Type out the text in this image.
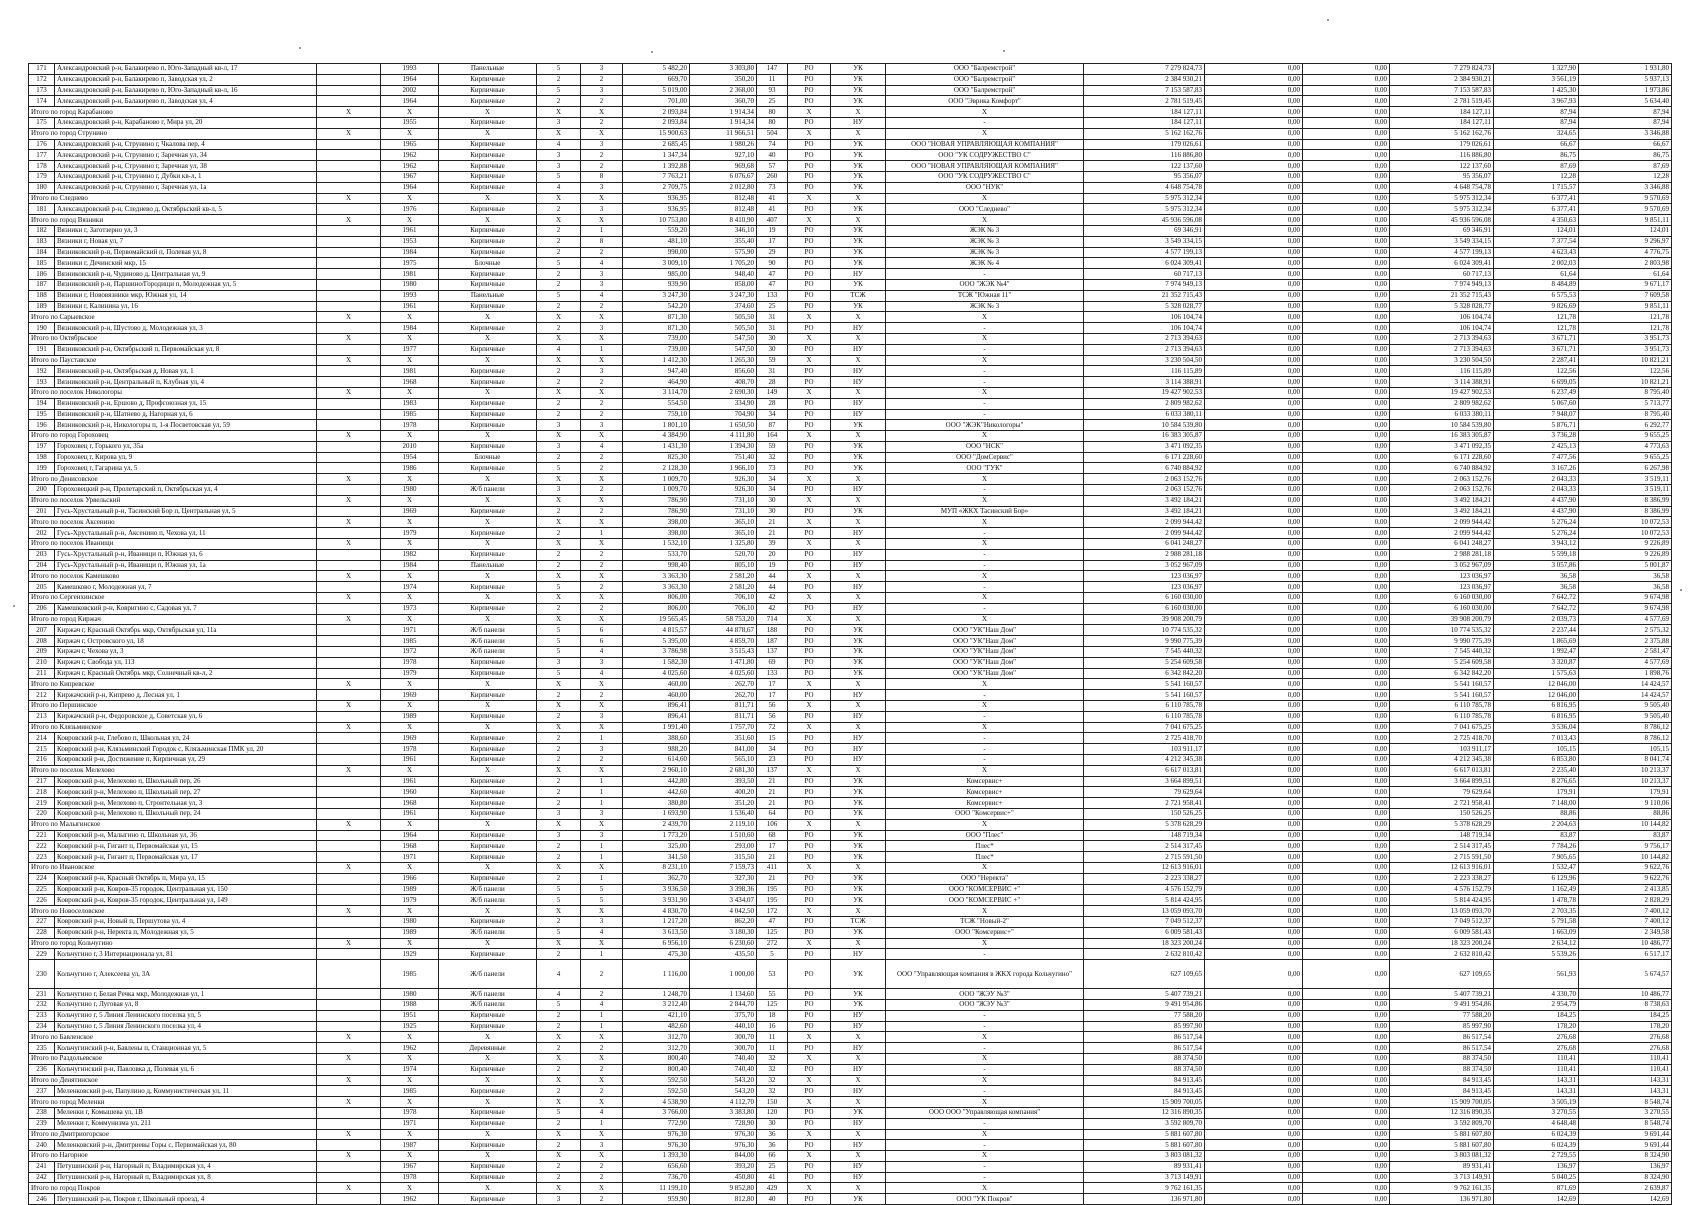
171	Александровский р-н, Балакирево п, Юго-Западный кв-л, 17		1993	Панельные	5	3	5 482,20	3 303,80	147	РО	УК	ООО "Балремстрой"	7 279 824,73	0,00	0,00	7 279 824,73	1 327,90	1 931,80
172	Александровский р-н, Балакирево п, Заводская ул, 2		1964	Кирпичные	2	2	669,70	350,20	11	РО	УК	ООО "Балремстрой"	2 384 930,21	0,00	0,00	2 384 930,21	3 561,19	5 937,13
173	Александровский р-н, Балакирево п, Юго-Западный кв-л, 16		2002	Кирпичные	5	3	5 019,00	2 368,00	93	РО	УК	ООО "Балремстрой"	7 153 587,83	0,00	0,00	7 153 587,83	1 425,30	1 973,86
174	Александровский р-н, Балакирево п, Заводская ул, 4		1964	Кирпичные	2	2	701,00	360,70	25	РО	УК	ООО "Эврика Комфорт"	2 781 519,45	0,00	0,00	2 781 519,45	3 967,93	5 634,40
Итого по город Карабаново		X	X	X	X	X	2 093,84	1 914,34	80	X	X	X	184 127,11	0,00	0,00	184 127,11	87,94	87,94
175	Александровский р-н, Карабаново г, Мира ул, 20		1955	Кирпичные	3	2	2 093,84	1 914,34	80	РО	НУ	-	184 127,11	0,00	0,00	184 127,11	87,94	87,94
Итого по город Струнино		X	X	X	X	X	15 900,63	11 966,51	504	X	X	X	5 162 162,76	0,00	0,00	5 162 162,76	324,65	3 346,88
176	Александровский р-н, Струнино г, Чкалова пер, 4		1965	Кирпичные	4	3	2 685,45	1 980,26	74	РО	УК	ООО "НОВАЯ УПРАВЛЯЮЩАЯ КОМПАНИЯ"	179 026,61	0,00	0,00	179 026,61	66,67	66,67
177	Александровский р-н, Струнино г, Заречная ул, 34		1962	Кирпичные	3	2	1 347,34	927,10	40	РО	УК	ООО "УК СОДРУЖЕСТВО С"	116 886,80	0,00	0,00	116 886,80	86,75	86,75
178	Александровский р-н, Струнино г, Заречная ул, 38		1962	Кирпичные	3	2	1 392,88	969,68	57	РО	УК	ООО "НОВАЯ УПРАВЛЯЮЩАЯ КОМПАНИЯ"	122 137,60	0,00	0,00	122 137,60	87,69	87,69
179	Александровский р-н, Струнино г, Дубки кв-л, 1		1967	Кирпичные	5	8	7 763,21	6 076,67	260	РО	УК	ООО "УК СОДРУЖЕСТВО С"	95 356,07	0,00	0,00	95 356,07	12,28	12,28
180	Александровский р-н, Струнино г, Заречная ул, 1а		1964	Кирпичные	4	3	2 709,75	2 012,80	73	РО	УК	ООО "НУК"	4 648 754,78	0,00	0,00	4 648 754,78	1 715,57	3 346,88
Итого по Следнево		X	X	X	X	X	936,95	812,48	41	X	X	X	5 975 312,34	0,00	0,00	5 975 312,34	6 377,41	9 570,69
181	Александровский р-н, Следнево д, Октябрьский кв-л, 5		1976	Кирпичные	2	3	936,95	812,48	41	РО	УК	ООО "Следнево"	5 975 312,34	0,00	0,00	5 975 312,34	6 377,41	9 570,69
Итого по город Вязники		X	X	X	X	X	10 753,80	8 410,90	407	X	X	X	45 936 596,08	0,00	0,00	45 936 596,08	4 350,63	9 851,11
182	Вязники г, Заготзерно ул, 3		1961	Кирпичные	2	1	559,20	346,10	19	РО	УК	ЖЭК № 3	69 346,91	0,00	0,00	69 346,91	124,01	124,01
183	Вязники г, Новая ул, 7		1953	Кирпичные	2	8	481,10	355,40	17	РО	УК	ЖЭК № 3	3 549 334,15	0,00	0,00	3 549 334,15	7 377,54	9 296,97
184	Вязниковский р-н, Первомайский п, Полевая ул, 8		1984	Кирпичные	2	2	990,00	575,90	29	РО	УК	ЖЭК № 3	4 577 199,13	0,00	0,00	4 577 199,13	4 623,43	4 776,75
185	Вязники г, Дечинский мкр, 15		1975	Блочные	5	4	3 009,10	1 705,20	90	РО	УК	ЖЭК № 4	6 024 309,41	0,00	0,00	6 024 309,41	2 002,03	2 803,98
186	Вязниковский р-н, Чудиново д, Центральная ул, 9		1981	Кирпичные	2	3	985,00	948,40	47	РО	НУ	-	60 717,13	0,00	0,00	60 717,13	61,64	61,64
187	Вязниковский р-н, Паршино/Городищи п, Молодежная ул, 5		1980	Кирпичные	2	3	939,90	858,00	47	РО	УК	ООО "ЖЭК №4"	7 974 949,13	0,00	0,00	7 974 949,13	8 484,89	9 671,17
188	Вязники г, Нововязники мкр, Южная ул, 14		1993	Панельные	5	4	3 247,30	3 247,30	133	РО	ТСЖ	ТСЖ "Южная 11"	21 352 715,43	0,00	0,00	21 352 715,43	6 575,53	7 609,58
189	Вязники г, Калинина ул, 16		1961	Кирпичные	2	2	542,20	374,60	25	РО	УК	ЖЭК № 3	5 328 028,77	0,00	0,00	5 328 028,77	9 826,69	9 851,11
Итого по Сарыевское		X	X	X	X	X	871,30	505,50	31	X	X	X	106 104,74	0,00	0,00	106 104,74	121,78	121,78
190	Вязниковский р-н, Шустово д, Молодежная ул, 3		1984	Кирпичные	2	3	871,30	505,50	31	РО	НУ	-	106 104,74	0,00	0,00	106 104,74	121,78	121,78
Итого по Октябрьское		X	X	X	X	X	739,00	547,50	30	X	X	X	2 713 394,63	0,00	0,00	2 713 394,63	3 671,71	3 951,73
191	Вязниковский р-н, Октябрьский п, Первомайская ул, 8		1977	Кирпичные	4	1	739,00	547,50	30	РО	НУ	-	2 713 394,63	0,00	0,00	2 713 394,63	3 671,71	3 951,73
Итого по Пауставское		X	X	X	X	X	1 412,30	1 265,30	59	X	X	X	3 230 504,50	0,00	0,00	3 230 504,50	2 287,41	10 821,21
192	Вязниковский р-н, Октябрьская д, Новая ул, 1		1981	Кирпичные	2	3	947,40	856,60	31	РО	НУ	-	116 115,89	0,00	0,00	116 115,89	122,56	122,56
193	Вязниковский р-н, Центральный п, Клубная ул, 4		1968	Кирпичные	2	2	464,90	408,70	28	РО	НУ	-	3 114 388,91	0,00	0,00	3 114 388,91	6 699,05	10 821,21
Итого по поселок Никологоры		X	X	X	X	X	3 114,70	2 690,30	149	X	X	X	19 427 902,53	0,00	0,00	19 427 902,53	6 237,49	8 795,40
194	Вязниковский р-н, Ершово д, Профсоюзная ул, 15		1983	Кирпичные	2	2	554,50	334,90	28	РО	НУ	-	2 809 982,62	0,00	0,00	2 809 982,62	5 067,60	5 713,77
195	Вязниковский р-н, Шатнево д, Нагорная ул, 6		1985	Кирпичные	2	2	759,10	704,90	34	РО	НУ	-	6 033 380,11	0,00	0,00	6 033 380,11	7 948,07	8 795,40
196	Вязниковский р-н, Никологоры п, 1-я Посветовская ул, 59		1978	Кирпичные	3	3	1 801,10	1 650,50	87	РО	УК	ООО "ЖЭК"Никологоры"	10 584 539,80	0,00	0,00	10 584 539,80	5 876,71	6 292,77
Итого по город Гороховец		X	X	X	X	X	4 384,90	4 111,80	164	X	X	X	16 383 305,87	0,00	0,00	16 383 305,87	3 736,28	9 655,25
197	Гороховец г, Горького ул, 35а		2010	Кирпичные	3	4	1 431,30	1 394,30	59	РО	УК	ООО "НСК"	3 471 092,35	0,00	0,00	3 471 092,35	2 425,13	4 773,63
198	Гороховец г, Кирова ул, 9		1954	Блочные	2	2	825,30	751,40	32	РО	УК	ООО "ДомСервис"	6 171 228,60	0,00	0,00	6 171 228,60	7 477,56	9 655,25
199	Гороховец г, Гагарина ул, 5		1986	Кирпичные	5	2	2 128,30	1 966,10	73	РО	УК	ООО "ГУК"	6 740 884,92	0,00	0,00	6 740 884,92	3 167,26	6 267,98
Итого по Денисовское		X	X	X	X	X	1 009,70	926,30	34	X	X	X	2 063 152,76	0,00	0,00	2 063 152,76	2 043,33	3 519,11
200	Гороховецкий р-н, Пролетарский п, Октябрьская ул, 4		1980	Ж/б панели	3	2	1 009,70	926,30	34	РО	НУ	-	2 063 152,76	0,00	0,00	2 063 152,76	2 043,33	3 519,11
Итого по поселок Урвельский		X	X	X	X	X	786,90	731,10	30	X	X	X	3 492 184,21	0,00	0,00	3 492 184,21	4 437,90	8 386,99
201	Гусь-Хрустальный р-н, Тасинский Бор п, Центральная ул, 5		1969	Кирпичные	2	2	786,90	731,10	30	РО	УК	МУП «ЖКХ Тасинский Бор»	3 492 184,21	0,00	0,00	3 492 184,21	4 437,90	8 386,99
Итого по поселок Аксенино		X	X	X	X	X	398,00	365,10	21	X	X	X	2 099 944,42	0,00	0,00	2 099 944,42	5 276,24	10 072,53
202	Гусь-Хрустальный р-н, Аксенино п, Чехова ул, 11		1979	Кирпичные	2	1	398,00	365,10	21	РО	НУ	-	2 099 944,42	0,00	0,00	2 099 944,42	5 276,24	10 072,53
Итого по поселок Иванищи		X	X	X	X	X	1 532,10	1 325,80	39	X	X	X	6 041 248,27	0,00	0,00	6 041 248,27	3 943,12	9 226,89
203	Гусь-Хрустальный р-н, Иванищи п, Южная ул, 6		1982	Кирпичные	2	2	533,70	520,70	20	РО	НУ	-	2 988 281,18	0,00	0,00	2 988 281,18	5 599,18	9 226,89
204	Гусь-Хрустальный р-н, Иванищи п, Южная ул, 1а		1984	Панельные	2	2	998,40	805,10	19	РО	НУ	-	3 052 967,09	0,00	0,00	3 052 967,09	3 057,86	5 001,87
Итого по поселок Камешково		X	X	X	X	X	3 363,30	2 581,20	44	X	X	X	123 036,97	0,00	0,00	123 036,97	36,58	36,58
205	Камешково г, Молодежная ул, 7		1974	Кирпичные	5	2	3 363,30	2 581,20	44	РО	НУ	-	123 036,97	0,00	0,00	123 036,97	36,58	36,58
Итого по Сергеихинское		X	X	X	X	X	806,00	706,10	42	X	X	X	6 160 030,00	0,00	0,00	6 160 030,00	7 642,72	9 674,98
206	Камешковский р-н, Ковригино с, Садовая ул, 7		1973	Кирпичные	2	2	806,00	706,10	42	РО	НУ	-	6 160 030,00	0,00	0,00	6 160 030,00	7 642,72	9 674,98
Итого по город Киржач		X	X	X	X	X	19 565,45	58 753,20	714	X	X	X	39 908 200,79	0,00	0,00	39 908 200,79	2 039,73	4 577,69
207	Киржач г, Красный Октябрь мкр, Октябрьская ул, 11а		1971	Ж/б панели	5	6	4 815,57	44 878,67	188	РО	УК	ООО "УК"Наш Дом"	10 774 535,32	0,00	0,00	10 774 535,32	2 237,44	2 575,32
208	Киржач г, Островского ул, 18		1985	Ж/б панели	5	6	5 395,00	4 859,70	187	РО	УК	ООО "УК"Наш Дом"	9 990 775,39	0,00	0,00	9 990 775,39	1 865,69	2 375,88
209	Киржач г, Чехова ул, 3		1972	Ж/б панели	5	4	3 786,98	3 515,43	137	РО	УК	ООО "УК"Наш Дом"	7 545 440,32	0,00	0,00	7 545 440,32	1 992,47	2 581,47
210	Киржач г, Свобода ул, 113		1978	Кирпичные	3	3	1 582,30	1 471,80	69	РО	УК	ООО "УК"Наш Дом"	5 254 609,58	0,00	0,00	5 254 609,58	3 320,87	4 577,69
211	Киржач г, Красный Октябрь мкр, Солнечный кв-л, 2		1979	Кирпичные	5	4	4 025,60	4 025,60	133	РО	УК	ООО "УК"Наш Дом"	6 342 842,20	0,00	0,00	6 342 842,20	1 575,63	1 898,76
Итого по Кипревское		X	X	X	X	X	460,00	262,70	17	X	X	X	5 541 160,57	0,00	0,00	5 541 160,57	12 046,00	14 424,57
212	Киржачский р-н, Кипрево д, Лесная ул, 1		1969	Кирпичные	2	2	460,00	262,70	17	РО	НУ	-	5 541 160,57	0,00	0,00	5 541 160,57	12 046,00	14 424,57
Итого по Першинское		X	X	X	X	X	896,41	811,71	56	X	X	X	6 110 785,78	0,00	0,00	6 110 785,78	6 816,95	9 505,40
213	Киржачский р-н, Федоровское д, Советская ул, 6		1989	Кирпичные	2	3	896,41	811,71	56	РО	НУ	-	6 110 785,78	0,00	0,00	6 110 785,78	6 816,95	9 505,40
Итого по Клязьминское		X	X	X	X	X	1 991,40	1 757,70	72	X	X	X	7 041 675,25	0,00	0,00	7 041 675,25	3 536,04	8 786,12
214	Ковровский р-н, Глебово п, Школьная ул, 24		1969	Кирпичные	2	1	388,60	351,60	15	РО	НУ	-	2 725 418,70	0,00	0,00	2 725 418,70	7 013,43	8 786,12
215	Ковровский р-н, Клязьминский Городок с, Клязьминская ПМК ул, 20		1978	Кирпичные	2	3	988,20	841,00	34	РО	НУ	-	103 911,17	0,00	0,00	103 911,17	105,15	105,15
216	Ковровский р-н, Достижение п, Кирпичная ул, 29		1961	Кирпичные	2	2	614,60	565,10	23	РО	НУ	-	4 212 345,38	0,00	0,00	4 212 345,38	6 853,80	8 041,74
Итого по поселок Мелехово		X	X	X	X	X	2 960,10	2 681,30	137	X	X	X	6 617 013,81	0,00	0,00	6 617 013,81	2 235,40	10 213,37
217	Ковровский р-н, Мелехово п, Школьный пер, 26		1961	Кирпичные	2	1	442,80	393,50	21	РО	УК	Комсервис+	3 664 899,51	0,00	0,00	3 664 899,51	8 276,65	10 213,37
218	Ковровский р-н, Мелехово п, Школьный пер, 27		1960	Кирпичные	2	1	442,60	400,20	21	РО	УК	Комсервис+	79 629,64	0,00	0,00	79 629,64	179,91	179,91
219	Ковровский р-н, Мелехово п, Строительная ул, 3		1968	Кирпичные	2	1	380,80	351,20	21	РО	УК	Комсервис+	2 721 958,41	0,00	0,00	2 721 958,41	7 148,00	9 110,06
220	Ковровский р-н, Мелехово п, Школьный пер, 24		1961	Кирпичные	3	3	1 693,90	1 536,40	64	РО	УК	ООО "Комсервис+"	150 526,25	0,00	0,00	150 526,25	88,86	88,86
Итого по Малыгинское		X	X	X	X	X	2 439,70	2 119,10	106	X	X	X	5 378 628,29	0,00	0,00	5 378 628,29	2 204,63	10 144,82
221	Ковровский р-н, Малыгино п, Школьная ул, 36		1964	Кирпичные	3	3	1 773,20	1 510,60	68	РО	УК	ООО "Плес"	148 719,34	0,00	0,00	148 719,34	83,87	83,87
222	Ковровский р-н, Гигант п, Первомайская ул, 15		1968	Кирпичные	2	1	325,00	293,00	17	РО	УК	Плес*	2 514 317,45	0,00	0,00	2 514 317,45	7 784,26	9 756,17
223	Ковровский р-н, Гигант п, Первомайская ул, 17		1971	Кирпичные	2	1	341,50	315,50	21	РО	УК	Плес*	2 715 591,50	0,00	0,00	2 715 591,50	7 905,65	10 144,82
Итого по Ивановское		X	X	X	X	X	8 231,10	7 159,73	411	X	X	X	12 613 916,01	0,00	0,00	12 613 916,01	1 532,47	9 622,76
224	Ковровский р-н, Красный Октябрь п, Мира ул, 15		1966	Кирпичные	2	1	362,70	327,30	21	РО	УК	ООО "Неректа"	2 223 338,27	0,00	0,00	2 223 338,27	6 129,96	9 622,76
225	Ковровский р-н, Ковров-35 городок, Центральная ул, 150		1989	Ж/б панели	5	5	3 936,50	3 398,36	195	РО	УК	ООО "КОМСЕРВИС +"	4 576 152,79	0,00	0,00	4 576 152,79	1 162,49	2 413,85
226	Ковровский р-н, Ковров-35 городок, Центральная ул, 149		1979	Ж/б панели	5	5	3 931,90	3 434,07	195	РО	УК	ООО "КОМСЕРВИС +"	5 814 424,95	0,00	0,00	5 814 424,95	1 478,78	2 828,29
Итого по Новоселовское		X	X	X	X	X	4 830,70	4 042,50	172	X	X	X	13 059 093,70	0,00	0,00	13 059 093,70	2 703,35	7 400,12
227	Ковровский р-н, Новый п, Першутова ул, 4		1980	Кирпичные	2	3	1 217,20	862,20	47	РО	ТСЖ	ТСЖ "Новый-2"	7 049 512,37	0,00	0,00	7 049 512,37	5 791,58	7 400,12
228	Ковровский р-н, Неректа п, Молодежная ул, 5		1989	Ж/б панели	5	4	3 613,50	3 180,30	125	РО	УК	ООО "Комсервис+"	6 009 581,43	0,00	0,00	6 009 581,43	1 663,09	2 349,58
Итого по город Кольчугино		X	X	X	X	X	6 956,10	6 230,60	272	X	X	X	18 323 200,24	0,00	0,00	18 323 200,24	2 634,12	10 486,77
229	Кольчугино г, 3 Интернационала ул, 81		1929	Кирпичные	2	1	475,30	435,50	5	РО	НУ	-	2 632 810,42	0,00	0,00	2 632 810,42	5 539,26	6 517,17
230	Кольчугино г, Алексеева ул, 3А		1985	Ж/б панели	4	2	1 116,00	1 000,00	53	РО	УК	ООО "Управляющая компания в ЖКХ города Кольчугино"	627 109,65	0,00	0,00	627 109,65	561,93	5 674,57
231	Кольчугино г, Белая Речка мкр, Молодежная ул, 1		1980	Ж/б панели	4	2	1 248,70	1 134,60	55	РО	УК	ООО "ЖЭУ №3"	5 407 739,21	0,00	0,00	5 407 739,21	4 330,70	10 486,77
232	Кольчугино г, Луговая ул, 8		1988	Ж/б панели	5	4	3 212,40	2 844,70	125	РО	УК	ООО "ЖЭУ №3"	9 491 954,86	0,00	0,00	9 491 954,86	2 954,79	8 738,63
233	Кольчугино г, 5 Линия Ленинского поселка ул, 5		1951	Кирпичные	2	1	421,10	375,70	18	РО	НУ	-	77 588,20	0,00	0,00	77 588,20	184,25	184,25
234	Кольчугино г, 5 Линия Ленинского поселка ул, 4		1925	Кирпичные	2	1	482,60	440,10	16	РО	НУ	-	85 997,90	0,00	0,00	85 997,90	178,20	178,20
Итого по Бавленское		X	X	X	X	X	312,70	300,70	11	X	X	X	86 517,54	0,00	0,00	86 517,54	276,68	276,68
235	Кольчугинский р-н, Бавлены п, Станционная ул, 5		1962	Деревянные	2	2	312,70	300,70	11	РО	НУ	-	86 517,54	0,00	0,00	86 517,54	276,68	276,68
Итого по Раздольевское		X	X	X	X	X	800,40	740,40	32	X	X	X	88 374,50	0,00	0,00	88 374,50	110,41	110,41
236	Кольчугинский р-н, Павловка д, Полевая ул, 6		1974	Кирпичные	2	2	800,40	740,40	32	РО	НУ	-	88 374,50	0,00	0,00	88 374,50	110,41	110,41
Итого по Денятинское		X	X	X	X	X	592,50	543,20	32	X	X	X	84 913,45	0,00	0,00	84 913,45	143,31	143,31
237	Меленковский р-н, Папулино д, Коммунистическая ул, 11		1985	Кирпичные	2	2	592,50	543,20	32	РО	НУ	-	84 913,45	0,00	0,00	84 913,45	143,31	143,31
Итого по город Меленки		X	X	X	X	X	4 538,90	4 112,70	150	X	X	X	15 909 700,05	0,00	0,00	15 909 700,05	3 505,19	8 548,74
238	Меленки г, Комышева ул, 1В		1978	Кирпичные	5	4	3 766,00	3 383,80	120	РО	УК	ООО ООО "Управляющая компания"	12 316 890,35	0,00	0,00	12 316 890,35	3 270,55	3 270,55
239	Меленки г, Коммунизма ул, 211		1971	Кирпичные	2	1	772,90	728,90	30	РО	НУ	-	3 592 809,70	0,00	0,00	3 592 809,70	4 648,48	8 548,74
Итого по Дмитриогорское		X	X	X	X	X	976,30	976,30	36	X	X	X	5 881 607,80	0,00	0,00	5 881 607,80	6 024,39	9 691,44
240	Меленковский р-н, Дмитриевы Горы с, Первомайская ул, 80		1987	Кирпичные	2	3	976,30	976,30	36	РО	НУ	-	5 881 607,80	0,00	0,00	5 881 607,80	6 024,39	9 691,44
Итого по Нагорное		X	X	X	X	X	1 393,30	844,00	66	X	X	X	3 803 081,32	0,00	0,00	3 803 081,32	2 729,55	8 324,90
241	Петушинский р-н, Нагорный п, Владимирская ул, 4		1967	Кирпичные	2	2	656,60	393,20	25	РО	НУ	-	89 931,41	0,00	0,00	89 931,41	136,97	136,97
242	Петушинский р-н, Нагорный п, Владимирская ул, 8		1978	Кирпичные	2	2	736,70	450,80	41	РО	НУ	-	3 713 149,91	0,00	0,00	3 713 149,91	5 040,25	8 324,90
Итого по город Покров		X	X	X	X	X	11 199,10	9 852,80	429	X	X	X	9 762 161,35	0,00	0,00	9 762 161,35	871,69	2 639,87
246	Петушинский р-н, Покров г, Школьный проезд, 4		1962	Кирпичные	3	2	959,90	812,80	40	РО	УК	ООО "УК Покров"	136 971,80	0,00	0,00	136 971,80	142,69	142,69
